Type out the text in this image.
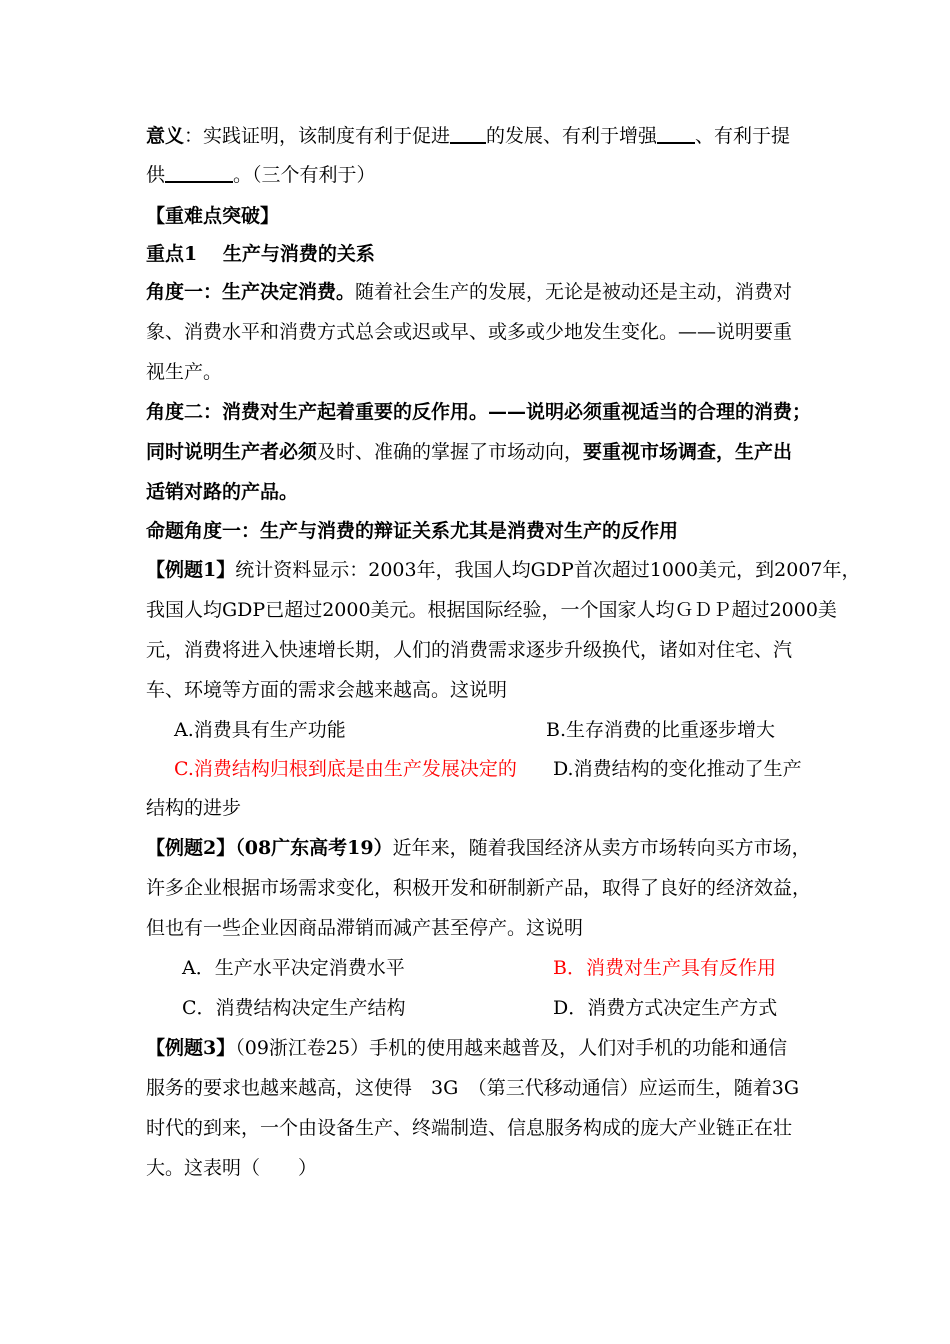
意义：实践证明，该制度有利于促进 的发展、有利于增强 、有利于提
供	。（三个有利于）
【重难点突破】
重点1　 生产与消费的关系
角度一：生产决定消费。随着社会生产的发展，无论是被动还是主动，消费对
象、消费水平和消费方式总会或迟或早、或多或少地发生变化。——说明要重
视生产。
角度二：消费对生产起着重要的反作用。——说明必须重视适当的合理的消费；
同时说明生产者必须及时、准确的掌握了市场动向，要重视市场调查，生产出
适销对路的产品。
命题角度一：生产与消费的辩证关系尤其是消费对生产的反作用
【例题1】统计资料显示：2003年，我国人均GDP首次超过1000美元，到2007年，
我国人均GDP已超过2000美元。根据国际经验，一个国家人均ＧＤＰ超过2000美
元，消费将进入快速增长期，人们的消费需求逐步升级换代，诸如对住宅、汽
车、环境等方面的需求会越来越高。这说明
A.消费具有生产功能	B.生存消费的比重逐步增大
C.消费结构归根到底是由生产发展决定的 D.消费结构的变化推动了生产
结构的进步
【例题2】（08广东高考19）近年来，随着我国经济从卖方市场转向买方市场，
许多企业根据市场需求变化，积极开发和研制新产品，取得了良好的经济效益，
但也有一些企业因商品滞销而减产甚至停产。这说明
A．生产水平决定消费水平	B．消费对生产具有反作用
C．消费结构决定生产结构	D．消费方式决定生产方式
【例题3】（09浙江卷25）手机的使用越来越普及，人们对手机的功能和通信
服务的要求也越来越高，这使得　3G　（第三代移动通信）应运而生，随着3G
时代的到来，一个由设备生产、终端制造、信息服务构成的庞大产业链正在壮
大。这表明（　　）
